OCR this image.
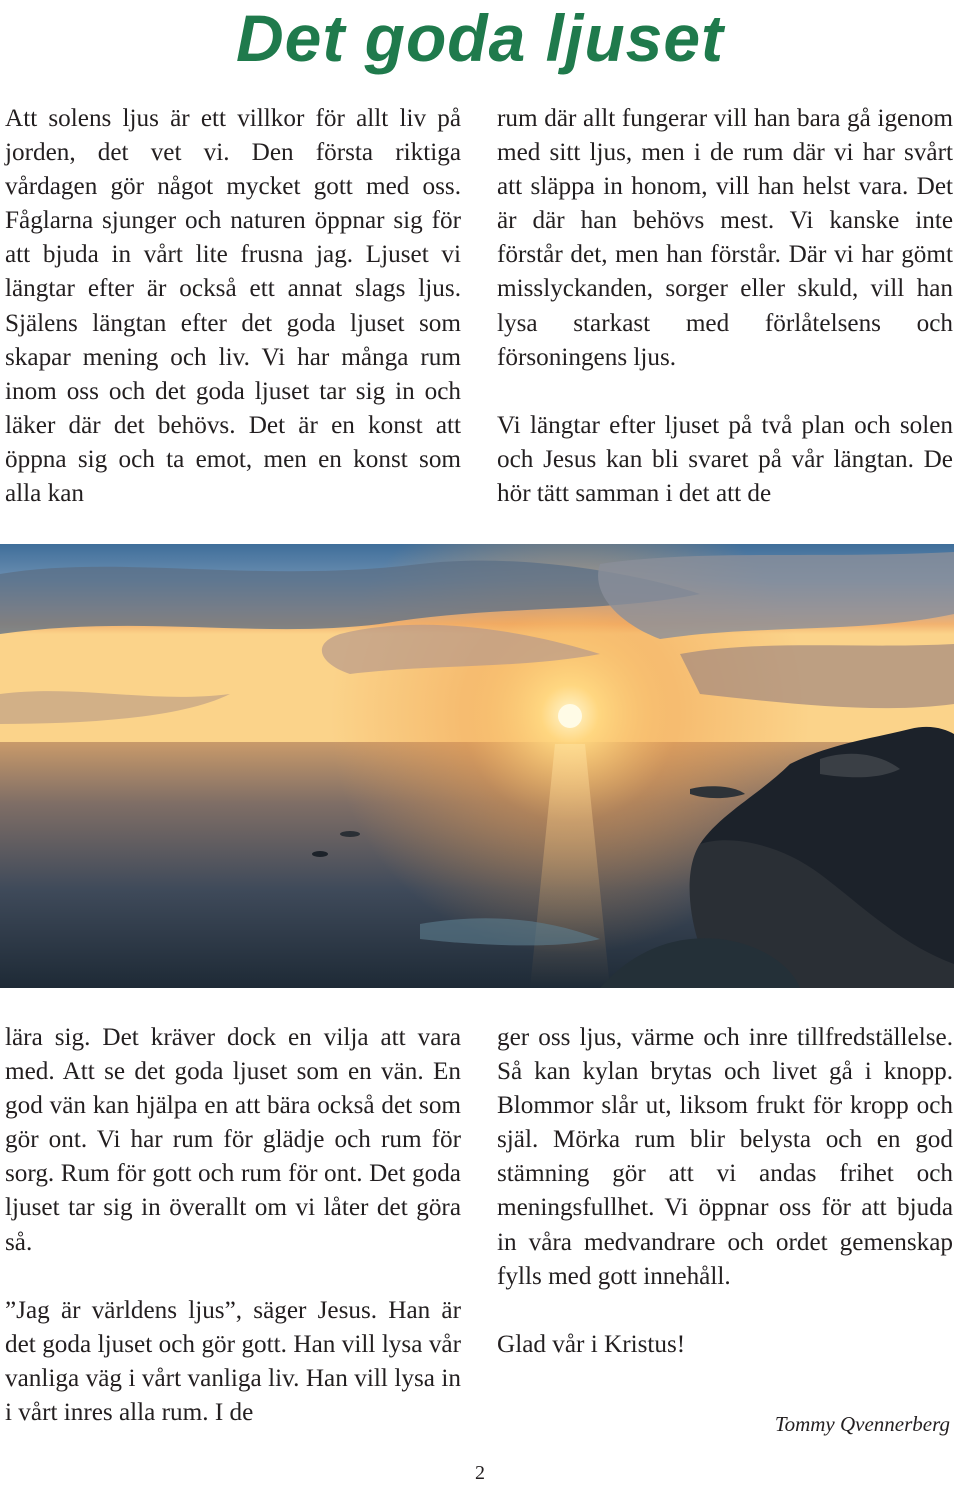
Det goda ljuset

Att solens ljus är ett villkor för allt liv på jorden, det vet vi. Den första riktiga vårdagen gör något mycket gott med oss. Fåglarna sjunger och naturen öppnar sig för att bjuda in vårt lite frusna jag. Ljuset vi längtar efter är också ett annat slags ljus. Själens längtan efter det goda ljuset som skapar mening och liv. Vi har många rum inom oss och det goda ljuset tar sig in och läker där det behövs. Det är en konst att öppna sig och ta emot, men en konst som alla kan

rum där allt fungerar vill han bara gå igenom med sitt ljus, men i de rum där vi har svårt att släppa in honom, vill han helst vara. Det är där han behövs mest. Vi kanske inte förstår det, men han förstår. Där vi har gömt misslyckanden, sorger eller skuld, vill han lysa starkast med förlåtelsens och försoningens ljus.

Vi längtar efter ljuset på två plan och solen och Jesus kan bli svaret på vår längtan. De hör tätt samman i det att de

lära sig. Det kräver dock en vilja att vara med. Att se det goda ljuset som en vän. En god vän kan hjälpa en att bära också det som gör ont. Vi har rum för glädje och rum för sorg. Rum för gott och rum för ont. Det goda ljuset tar sig in överallt om vi låter det göra så.

”Jag är världens ljus”, säger Jesus. Han är det goda ljuset och gör gott. Han vill lysa vår vanliga väg i vårt vanliga liv. Han vill lysa in i vårt inres alla rum. I de

ger oss ljus, värme och inre tillfredställelse. Så kan kylan brytas och livet gå i knopp. Blommor slår ut, liksom frukt för kropp och själ. Mörka rum blir belysta och en god stämning gör att vi andas frihet och meningsfullhet. Vi öppnar oss för att bjuda in våra medvandrare och ordet gemenskap fylls med gott innehåll.

Glad vår i Kristus!

Tommy Qvennerberg

2
